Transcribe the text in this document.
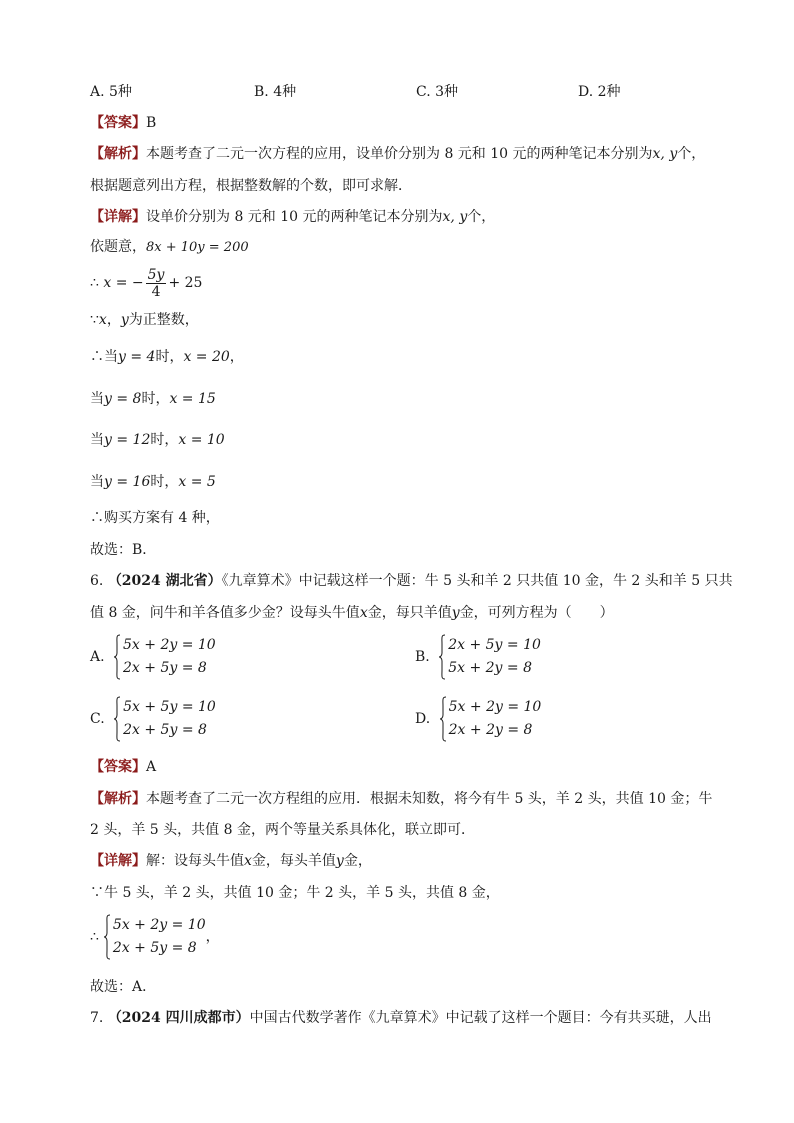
A. 5种	B. 4种	C. 3种	D. 2种
【答案】B
【解析】本题考查了二元一次方程的应用，设单价分别为 8 元和 10 元的两种笔记本分别为x, y个，
根据题意列出方程，根据整数解的个数，即可求解．
【详解】设单价分别为 8 元和 10 元的两种笔记本分别为x, y个，
依题意，8x + 10y = 200
∴ x = − $\frac{5y}{4} + 25$
∵x，y为正整数，
∴当y = 4时，x = 20，
当y = 8时，x = 15
当y = 12时，x = 10
当y = 16时，x = 5
∴购买方案有 4 种，
故选：B．
6. （2024 湖北省）《九章算术》中记载这样一个题：牛 5 头和羊 2 只共值 10 金，牛 2 头和羊 5 只共
值 8 金，问牛和羊各值多少金？设每头牛值x金，每只羊值y金，可列方程为（　　）
A.
5x + 2y = 10
2x + 5y = 8
B.
2x + 5y = 10
5x + 2y = 8
C.
5x + 5y = 10
2x + 5y = 8
D.
5x + 2y = 10
2x + 2y = 8
【答案】A
【解析】本题考查了二元一次方程组的应用．根据未知数，将今有牛 5 头，羊 2 头，共值 10 金；牛
2 头，羊 5 头，共值 8 金，两个等量关系具体化，联立即可．
【详解】解：设每头牛值x金，每头羊值y金，
∵牛 5 头，羊 2 头，共值 10 金；牛 2 头，羊 5 头，共值 8 金，
∴
5x + 2y = 10
2x + 5y = 8
，
故选：A．
7. （2024 四川成都市）中国古代数学著作《九章算术》中记载了这样一个题目：今有共买琎，人出
